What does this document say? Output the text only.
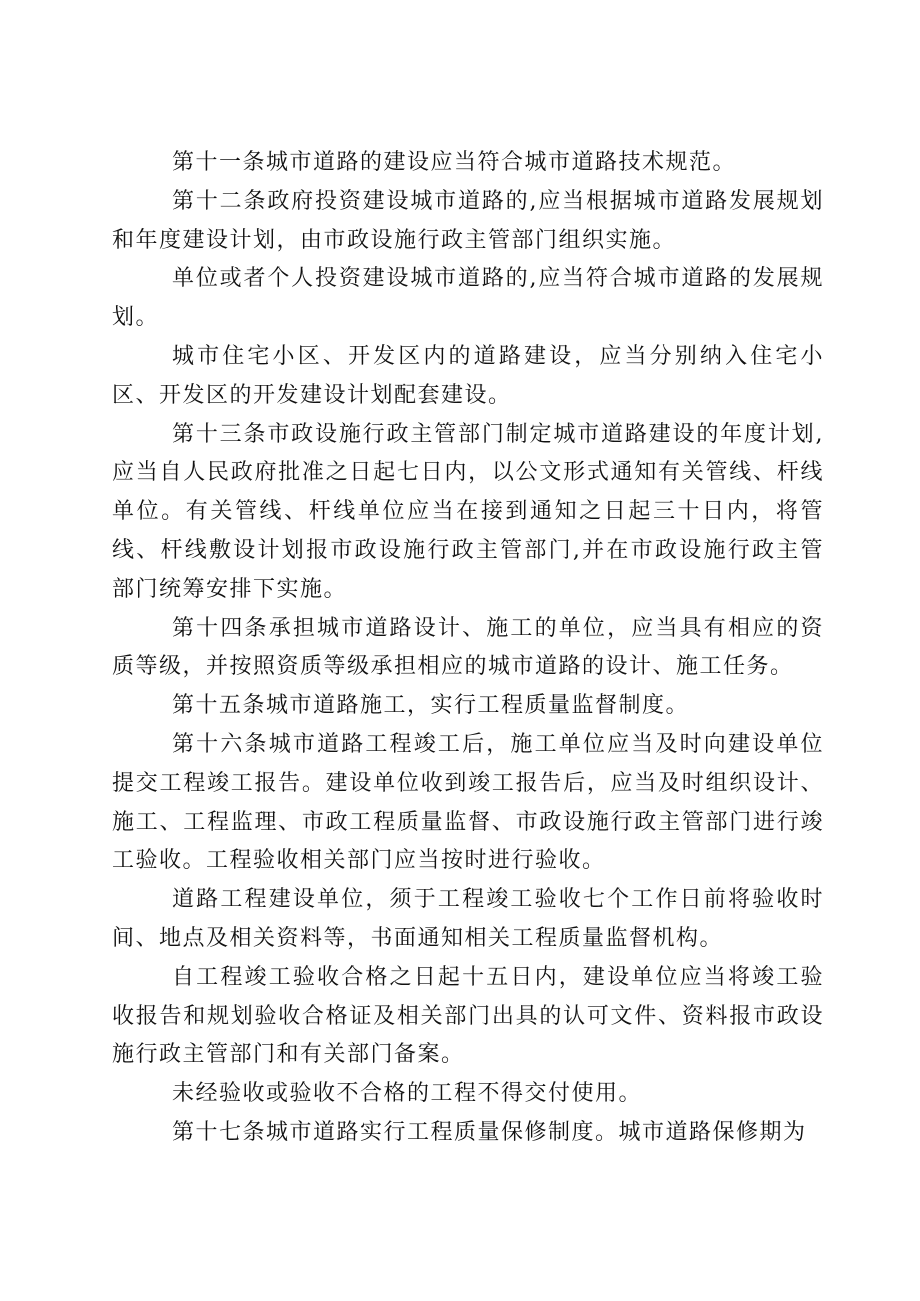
第十一条城市道路的建设应当符合城市道路技术规范。

第十二条政府投资建设城市道路的,应当根据城市道路发展规划和年度建设计划，由市政设施行政主管部门组织实施。

单位或者个人投资建设城市道路的,应当符合城市道路的发展规划。

城市住宅小区、开发区内的道路建设，应当分别纳入住宅小区、开发区的开发建设计划配套建设。

第十三条市政设施行政主管部门制定城市道路建设的年度计划,应当自人民政府批准之日起七日内，以公文形式通知有关管线、杆线单位。有关管线、杆线单位应当在接到通知之日起三十日内，将管线、杆线敷设计划报市政设施行政主管部门,并在市政设施行政主管部门统筹安排下实施。

第十四条承担城市道路设计、施工的单位，应当具有相应的资质等级，并按照资质等级承担相应的城市道路的设计、施工任务。

第十五条城市道路施工，实行工程质量监督制度。

第十六条城市道路工程竣工后，施工单位应当及时向建设单位提交工程竣工报告。建设单位收到竣工报告后，应当及时组织设计、施工、工程监理、市政工程质量监督、市政设施行政主管部门进行竣工验收。工程验收相关部门应当按时进行验收。

道路工程建设单位，须于工程竣工验收七个工作日前将验收时间、地点及相关资料等，书面通知相关工程质量监督机构。

自工程竣工验收合格之日起十五日内，建设单位应当将竣工验收报告和规划验收合格证及相关部门出具的认可文件、资料报市政设施行政主管部门和有关部门备案。

未经验收或验收不合格的工程不得交付使用。

第十七条城市道路实行工程质量保修制度。城市道路保修期为
